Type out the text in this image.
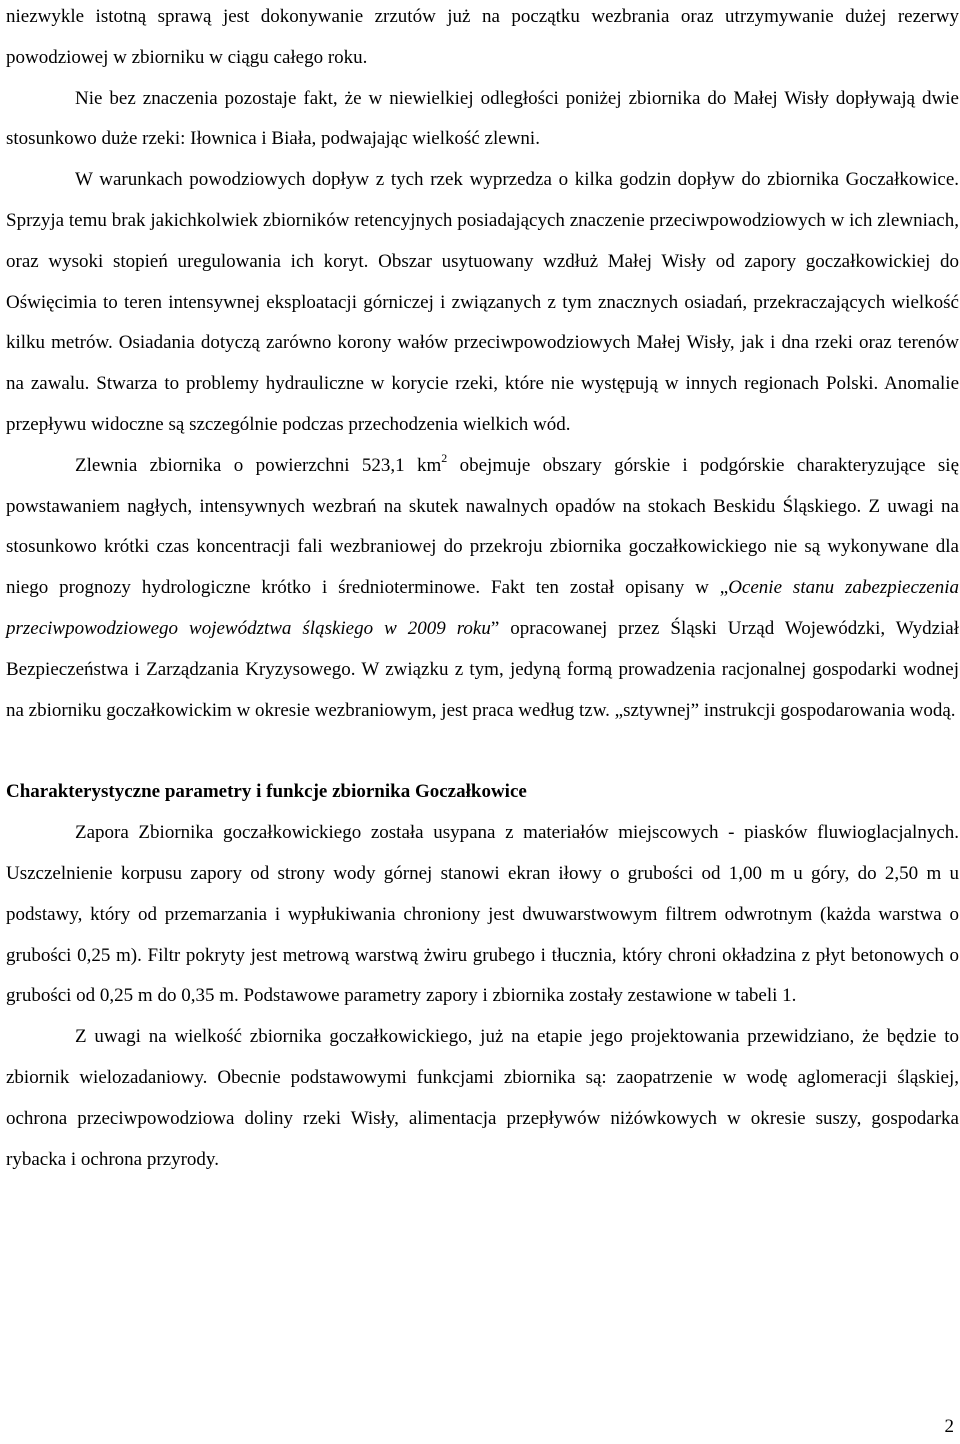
niezwykle istotną sprawą jest dokonywanie zrzutów już na początku wezbrania oraz utrzymywanie dużej rezerwy powodziowej w zbiorniku w ciągu całego roku.

Nie bez znaczenia pozostaje fakt, że w niewielkiej odległości poniżej zbiornika do Małej Wisły dopływają dwie stosunkowo duże rzeki: Iłownica i Biała, podwajając wielkość zlewni.

W warunkach powodziowych dopływ z tych rzek wyprzedza o kilka godzin dopływ do zbiornika Goczałkowice. Sprzyja temu brak jakichkolwiek zbiorników retencyjnych posiadających znaczenie przeciwpowodziowych w ich zlewniach, oraz wysoki stopień uregulowania ich koryt. Obszar usytuowany wzdłuż Małej Wisły od zapory goczałkowickiej do Oświęcimia to teren intensywnej eksploatacji górniczej i związanych z tym znacznych osiadań, przekraczających wielkość kilku metrów. Osiadania dotyczą zarówno korony wałów przeciwpowodziowych Małej Wisły, jak i dna rzeki oraz terenów na zawalu. Stwarza to problemy hydrauliczne w korycie rzeki, które nie występują w innych regionach Polski. Anomalie przepływu widoczne są szczególnie podczas przechodzenia wielkich wód.

Zlewnia zbiornika o powierzchni 523,1 $km^2$ obejmuje obszary górskie i podgórskie charakteryzujące się powstawaniem nagłych, intensywnych wezbrań na skutek nawalnych opadów na stokach Beskidu Śląskiego. Z uwagi na stosunkowo krótki czas koncentracji fali wezbraniowej do przekroju zbiornika goczałkowickiego nie są wykonywane dla niego prognozy hydrologiczne krótko i średnioterminowe. Fakt ten został opisany w „Ocenie stanu zabezpieczenia przeciwpowodziowego województwa śląskiego w 2009 roku” opracowanej przez Śląski Urząd Wojewódzki, Wydział Bezpieczeństwa i Zarządzania Kryzysowego. W związku z tym, jedyną formą prowadzenia racjonalnej gospodarki wodnej na zbiorniku goczałkowickim w okresie wezbraniowym, jest praca według tzw. „sztywnej” instrukcji gospodarowania wodą.

Charakterystyczne parametry i funkcje zbiornika Goczałkowice

Zapora Zbiornika goczałkowickiego została usypana z materiałów miejscowych - piasków fluwioglacjalnych. Uszczelnienie korpusu zapory od strony wody górnej stanowi ekran iłowy o grubości od 1,00 m u góry, do 2,50 m u podstawy, który od przemarzania i wypłukiwania chroniony jest dwuwarstwowym filtrem odwrotnym (każda warstwa o grubości 0,25 m). Filtr pokryty jest metrową warstwą żwiru grubego i tłucznia, który chroni okładzina z płyt betonowych o grubości od 0,25 m do 0,35 m. Podstawowe parametry zapory i zbiornika zostały zestawione w tabeli 1.

Z uwagi na wielkość zbiornika goczałkowickiego, już na etapie jego projektowania przewidziano, że będzie to zbiornik wielozadaniowy. Obecnie podstawowymi funkcjami zbiornika są: zaopatrzenie w wodę aglomeracji śląskiej, ochrona przeciwpowodziowa doliny rzeki Wisły, alimentacja przepływów niżówkowych w okresie suszy, gospodarka rybacka i ochrona przyrody.

2
